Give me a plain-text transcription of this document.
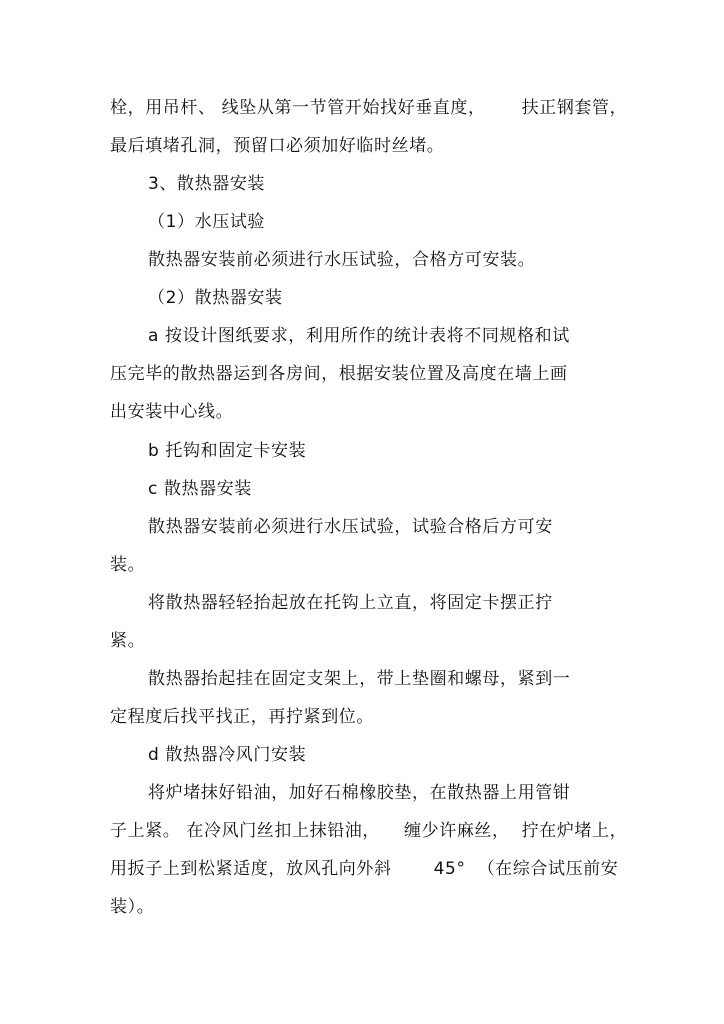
栓，用吊杆、 线坠从第一节管开始找好垂直度，      扶正钢套管，
最后填堵孔洞，预留口必须加好临时丝堵。
3、散热器安装
（1）水压试验
散热器安装前必须进行水压试验，合格方可安装。
（2）散热器安装
a 按设计图纸要求，利用所作的统计表将不同规格和试
压完毕的散热器运到各房间，根据安装位置及高度在墙上画
出安装中心线。
b 托钩和固定卡安装
c 散热器安装
散热器安装前必须进行水压试验，试验合格后方可安
装。
将散热器轻轻抬起放在托钩上立直，将固定卡摆正拧
紧。
散热器抬起挂在固定支架上，带上垫圈和螺母，紧到一
定程度后找平找正，再拧紧到位。
d 散热器冷风门安装
将炉堵抹好铅油，加好石棉橡胶垫，在散热器上用管钳
子上紧。 在冷风门丝扣上抹铅油，    缠少许麻丝，  拧在炉堵上，
用扳子上到松紧适度，放风孔向外斜       45°  （在综合试压前安
装）。
